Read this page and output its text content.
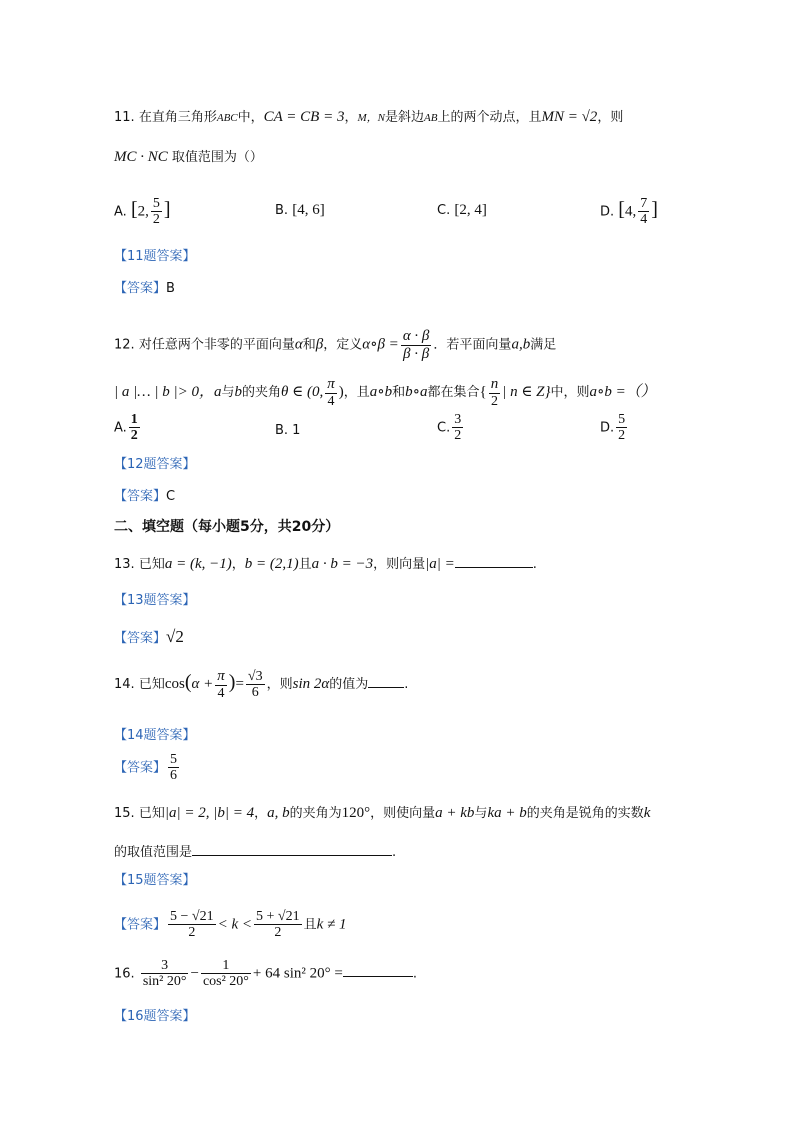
11. 在直角三角形ABC中，CA = CB = 3，M，N是斜边AB上的两个动点，且MN = √2，则
MC · NC 取值范围为（）
A. [2, $\frac{5}{2}$ ]	B. [4, 6]	C. [2, 4]	D. [4, $\frac{7}{4}$ ]
【11题答案】
【答案】B
12. 对任意两个非零的平面向量α和β，定义α∘β = $\frac{\alpha \cdot \beta}{\beta \cdot \beta}$ ．若平面向量a,b满足
| a |… | b |> 0，a与b的夹角θ ∈ (0, $\frac{\pi}{4}$ )，且a∘b和b∘a都在集合{ $\frac{n}{2}$ | n ∈ Z}中，则a∘b =（）
A. $\frac{1}{2}$	B. 1	C. $\frac{3}{2}$	D. $\frac{5}{2}$
【12题答案】
【答案】C
二、填空题（每小题5分，共20分）
13. 已知a = (k, −1)，b = (2,1)且a · b = −3，则向量|a| =	.
【13题答案】
【答案】√2
14. 已知$\cos(\alpha + \frac{\pi}{4}$ )= $\frac{√3}{6}$ ，则sin 2α的值为	.
【14题答案】
【答案】 $\frac{5}{6}$
15. 已知|a| = 2, |b| = 4，a, b的夹角为120°，则使向量a + kb与ka + b的夹角是锐角的实数k
的取值范围是	.
【15题答案】
【答案】 $\frac{5 - √21}{2} < k < \frac{5 + √21}{2}$ 且k ≠ 1
16. $\frac{3}{\text{sin² 20°}} - \frac{1}{\text{cos² 20°}} + 64$ sin² 20° =	.
【16题答案】
